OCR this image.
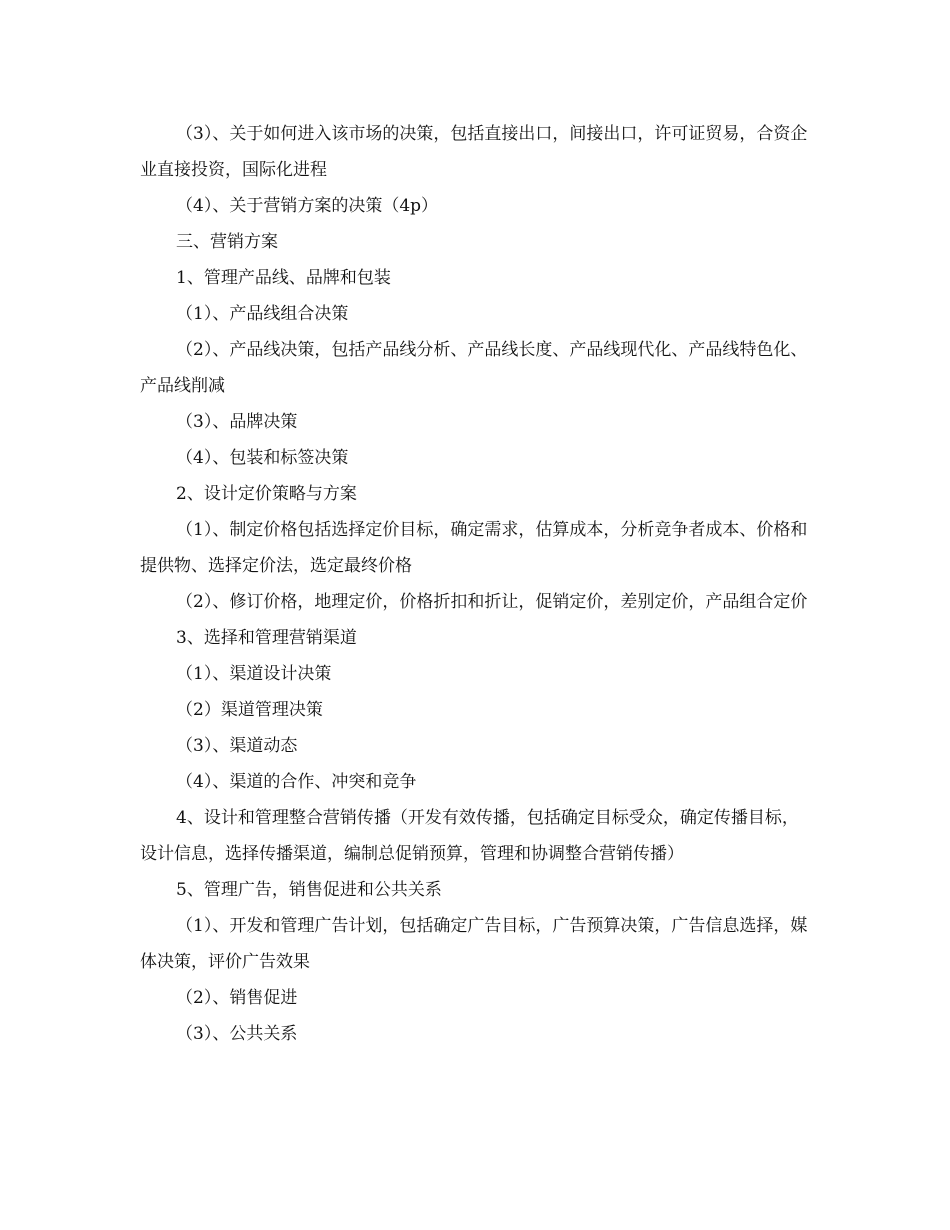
（3）、关于如何进入该市场的决策，包括直接出口，间接出口，许可证贸易，合资企业直接投资，国际化进程

（4）、关于营销方案的决策（4p）

三、营销方案

1、管理产品线、品牌和包装

（1）、产品线组合决策

（2）、产品线决策，包括产品线分析、产品线长度、产品线现代化、产品线特色化、产品线削减

（3）、品牌决策

（4）、包装和标签决策

2、设计定价策略与方案

（1）、制定价格包括选择定价目标，确定需求，估算成本，分析竞争者成本、价格和提供物、选择定价法，选定最终价格

（2）、修订价格，地理定价，价格折扣和折让，促销定价，差别定价，产品组合定价

3、选择和管理营销渠道

（1）、渠道设计决策

（2）渠道管理决策

（3）、渠道动态

（4）、渠道的合作、冲突和竞争

4、设计和管理整合营销传播（开发有效传播，包括确定目标受众，确定传播目标，设计信息，选择传播渠道，编制总促销预算，管理和协调整合营销传播）

5、管理广告，销售促进和公共关系

（1）、开发和管理广告计划，包括确定广告目标，广告预算决策，广告信息选择，媒体决策，评价广告效果

（2）、销售促进

（3）、公共关系
